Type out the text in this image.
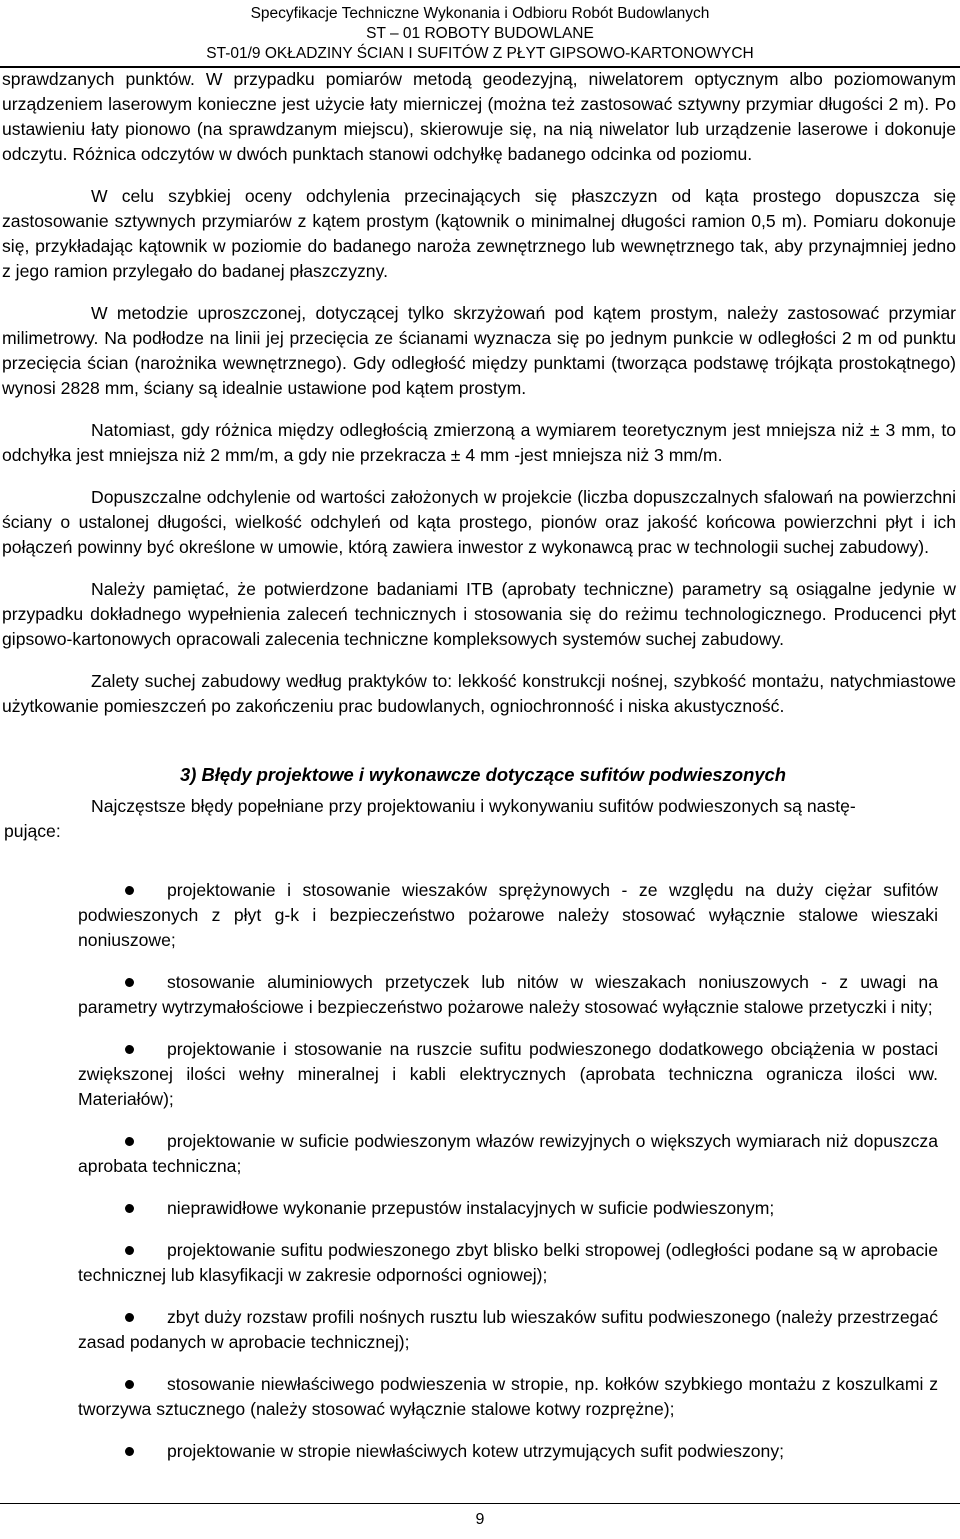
Specyfikacje Techniczne Wykonania i Odbioru Robót Budowlanych
ST – 01 ROBOTY BUDOWLANE
ST-01/9 OKŁADZINY ŚCIAN I SUFITÓW Z PŁYT GIPSOWO-KARTONOWYCH

sprawdzanych punktów. W przypadku pomiarów metodą geodezyjną, niwelatorem optycznym albo poziomowanym urządzeniem laserowym konieczne jest użycie łaty mierniczej (można też zastosować sztywny przymiar długości 2 m). Po ustawieniu łaty pionowo (na sprawdzanym miejscu), skierowuje się, na nią niwelator lub urządzenie laserowe i dokonuje odczytu. Różnica odczytów w dwóch punktach stanowi odchyłkę badanego odcinka od poziomu.

W celu szybkiej oceny odchylenia przecinających się płaszczyzn od kąta prostego dopuszcza się zastosowanie sztywnych przymiarów z kątem prostym (kątownik o minimalnej długości ramion 0,5 m). Pomiaru dokonuje się, przykładając kątownik w poziomie do badanego naroża zewnętrznego lub wewnętrznego tak, aby przynajmniej jedno z jego ramion przylegało do badanej płaszczyzny.

W metodzie uproszczonej, dotyczącej tylko skrzyżowań pod kątem prostym, należy zastosować przymiar milimetrowy. Na podłodze na linii jej przecięcia ze ścianami wyznacza się po jednym punkcie w odległości 2 m od punktu przecięcia ścian (narożnika wewnętrznego). Gdy odległość między punktami (tworząca podstawę trójkąta prostokątnego) wynosi 2828 mm, ściany są idealnie ustawione pod kątem prostym.

Natomiast, gdy różnica między odległością zmierzoną a wymiarem teoretycznym jest mniejsza niż ± 3 mm, to odchyłka jest mniejsza niż 2 mm/m, a gdy nie przekracza ± 4 mm -jest mniejsza niż 3 mm/m.

Dopuszczalne odchylenie od wartości założonych w projekcie (liczba dopuszczalnych sfalowań na powierzchni ściany o ustalonej długości, wielkość odchyleń od kąta prostego, pionów oraz jakość końcowa powierzchni płyt i ich połączeń powinny być określone w umowie, którą zawiera inwestor z wykonawcą prac w technologii suchej zabudowy).

Należy pamiętać, że potwierdzone badaniami ITB (aprobaty techniczne) parametry są osiągalne jedynie w przypadku dokładnego wypełnienia zaleceń technicznych i stosowania się do reżimu technologicznego. Producenci płyt gipsowo-kartonowych opracowali zalecenia techniczne kompleksowych systemów suchej zabudowy.

Zalety suchej zabudowy według praktyków to: lekkość konstrukcji nośnej, szybkość montażu, natychmiastowe użytkowanie pomieszczeń po zakończeniu prac budowlanych, ogniochronność i niska akustyczność.

3) Błędy projektowe i wykonawcze dotyczące sufitów podwieszonych

Najczęstsze błędy popełniane przy projektowaniu i wykonywaniu sufitów podwieszonych są nastę-
pujące:
projektowanie i stosowanie wieszaków sprężynowych - ze względu na duży ciężar sufitów podwieszonych z płyt g-k i bezpieczeństwo pożarowe należy stosować wyłącznie stalowe wieszaki noniuszowe;
stosowanie aluminiowych przetyczek lub nitów w wieszakach noniuszowych - z uwagi na parametry wytrzymałościowe i bezpieczeństwo pożarowe należy stosować wyłącznie stalowe przetyczki i nity;
projektowanie i stosowanie na ruszcie sufitu podwieszonego dodatkowego obciążenia w postaci zwiększonej ilości wełny mineralnej i kabli elektrycznych (aprobata techniczna ogranicza ilości ww. Materiałów);
projektowanie w suficie podwieszonym włazów rewizyjnych o większych wymiarach niż dopuszcza aprobata techniczna;
nieprawidłowe wykonanie przepustów instalacyjnych w suficie podwieszonym;
projektowanie sufitu podwieszonego zbyt blisko belki stropowej (odległości podane są w aprobacie technicznej lub klasyfikacji w zakresie odporności ogniowej);
zbyt duży rozstaw profili nośnych rusztu lub wieszaków sufitu podwieszonego (należy przestrzegać zasad podanych w aprobacie technicznej);
stosowanie niewłaściwego podwieszenia w stropie, np. kołków szybkiego montażu z koszulkami z tworzywa sztucznego (należy stosować wyłącznie stalowe kotwy rozprężne);
projektowanie w stropie niewłaściwych kotew utrzymujących sufit podwieszony;
9
